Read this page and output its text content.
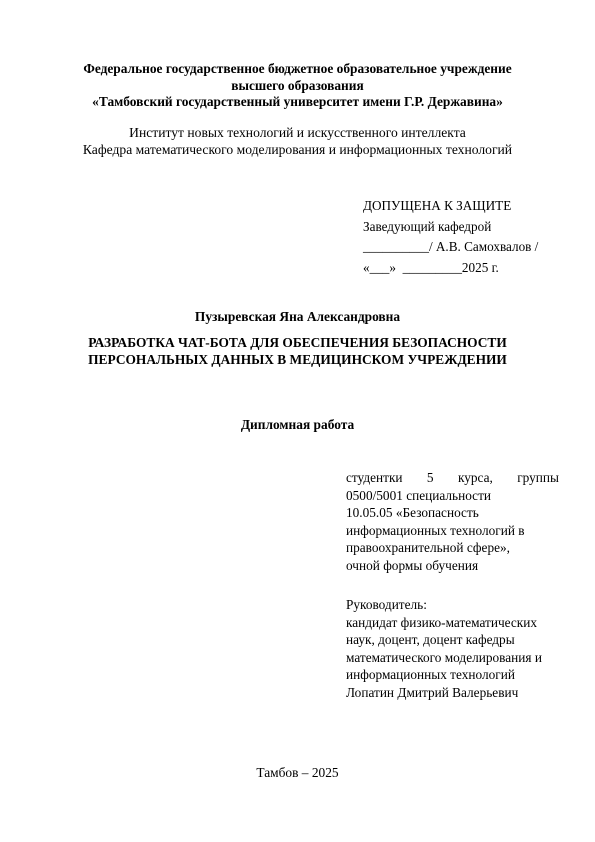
Федеральное государственное бюджетное образовательное учреждение
высшего образования
«Тамбовский государственный университет имени Г.Р. Державина»
Институт новых технологий и искусственного интеллекта
Кафедра математического моделирования и информационных технологий
ДОПУЩЕНА К ЗАЩИТЕ
Заведующий кафедрой
__________/ А.В. Самохвалов /
«___»  _________2025 г.
Пузыревская Яна Александровна
РАЗРАБОТКА ЧАТ-БОТА ДЛЯ ОБЕСПЕЧЕНИЯ БЕЗОПАСНОСТИ
ПЕРСОНАЛЬНЫХ ДАННЫХ В МЕДИЦИНСКОМ УЧРЕЖДЕНИИ
Дипломная работа
студентки 5 курса, группы
0500/5001 специальности
10.05.05 «Безопасность
информационных технологий в
правоохранительной сфере»,
очной формы обучения
Руководитель:
кандидат физико-математических
наук, доцент, доцент кафедры
математического моделирования и
информационных технологий
Лопатин Дмитрий Валерьевич
Тамбов – 2025
